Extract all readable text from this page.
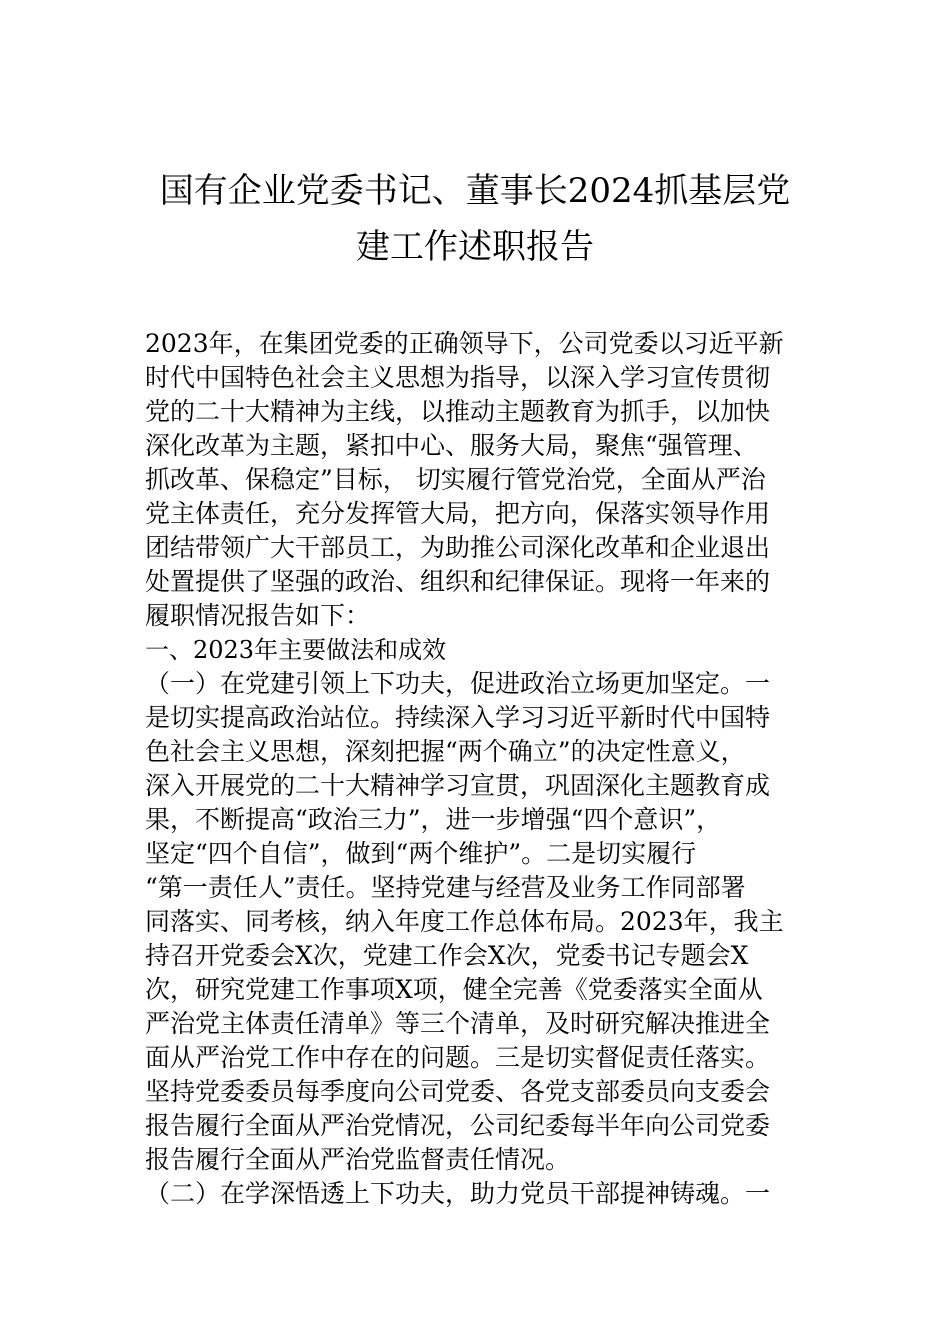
国有企业党委书记、董事长2024抓基层党
建工作述职报告
2023年，在集团党委的正确领导下，公司党委以习近平新
时代中国特色社会主义思想为指导，以深入学习宣传贯彻
党的二十大精神为主线，以推动主题教育为抓手，以加快
深化改革为主题，紧扣中心、服务大局，聚焦“强管理、
抓改革、保稳定”目标， 切实履行管党治党，全面从严治
党主体责任，充分发挥管大局，把方向，保落实领导作用
团结带领广大干部员工，为助推公司深化改革和企业退出
处置提供了坚强的政治、组织和纪律保证。现将一年来的
履职情况报告如下：
一、2023年主要做法和成效
（一）在党建引领上下功夫，促进政治立场更加坚定。一
是切实提高政治站位。持续深入学习习近平新时代中国特
色社会主义思想，深刻把握“两个确立”的决定性意义，
深入开展党的二十大精神学习宣贯，巩固深化主题教育成
果，不断提高“政治三力”，进一步增强“四个意识”，
坚定“四个自信”，做到“两个维护”。二是切实履行
“第一责任人”责任。坚持党建与经营及业务工作同部署
同落实、同考核，纳入年度工作总体布局。2023年，我主
持召开党委会X次，党建工作会X次，党委书记专题会X
次，研究党建工作事项X项，健全完善《党委落实全面从
严治党主体责任清单》等三个清单，及时研究解决推进全
面从严治党工作中存在的问题。三是切实督促责任落实。
坚持党委委员每季度向公司党委、各党支部委员向支委会
报告履行全面从严治党情况，公司纪委每半年向公司党委
报告履行全面从严治党监督责任情况。
（二）在学深悟透上下功夫，助力党员干部提神铸魂。一
